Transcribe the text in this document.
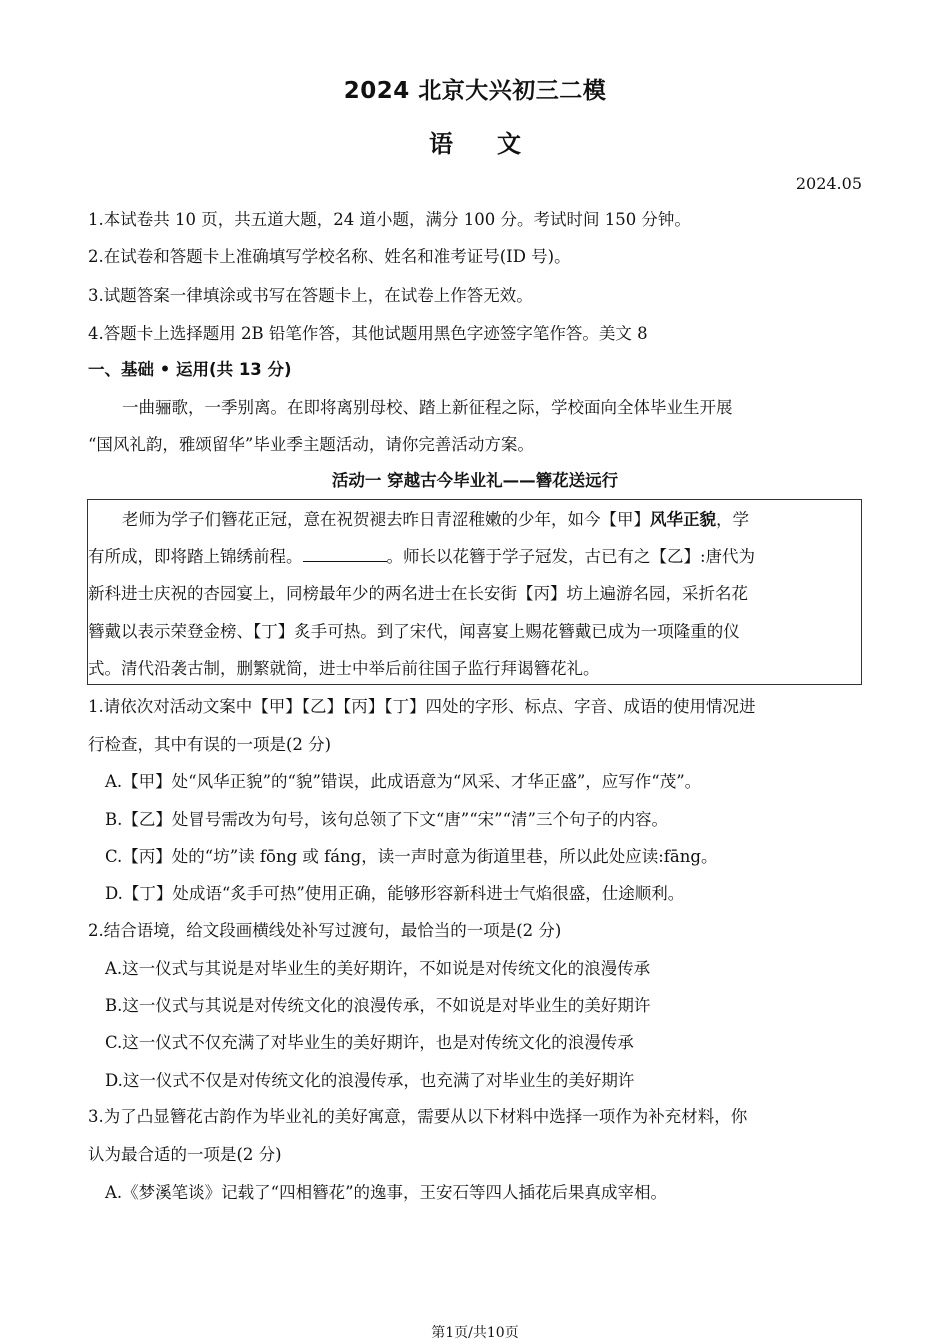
2024 北京大兴初三二模
语文
2024.05
1.本试卷共 10 页，共五道大题，24 道小题，满分 100 分。考试时间 150 分钟。
2.在试卷和答题卡上准确填写学校名称、姓名和准考证号(ID 号)。
3.试题答案一律填涂或书写在答题卡上，在试卷上作答无效。
4.答题卡上选择题用 2B 铅笔作答，其他试题用黑色字迹签字笔作答。美文 8
一、基础 • 运用(共 13 分)
一曲骊歌，一季别离。在即将离别母校、踏上新征程之际，学校面向全体毕业生开展
“国风礼韵，雅颂留华”毕业季主题活动，请你完善活动方案。
活动一 穿越古今毕业礼——簪花送远行
老师为学子们簪花正冠，意在祝贺褪去昨日青涩稚嫩的少年，如今【甲】风华正貌，学
有所成，即将踏上锦绣前程。	。师长以花簪于学子冠发，古已有之【乙】:唐代为
新科进士庆祝的杏园宴上，同榜最年少的两名进士在长安街【丙】坊上遍游名园，采折名花
簪戴以表示荣登金榜、【丁】炙手可热。到了宋代，闻喜宴上赐花簪戴已成为一项隆重的仪
式。清代沿袭古制，删繁就简，进士中举后前往国子监行拜谒簪花礼。
1.请依次对活动文案中【甲】【乙】【丙】【丁】四处的字形、标点、字音、成语的使用情况进
行检查，其中有误的一项是(2 分)
A.【甲】处“风华正貌”的“貌”错误，此成语意为“风采、才华正盛”，应写作“茂”。
B.【乙】处冒号需改为句号，该句总领了下文“唐”“宋”“清”三个句子的内容。
C.【丙】处的“坊”读 fōng 或 fáng，读一声时意为街道里巷，所以此处应读:fāng。
D.【丁】处成语“炙手可热”使用正确，能够形容新科进士气焰很盛，仕途顺利。
2.结合语境，给文段画横线处补写过渡句，最恰当的一项是(2 分)
A.这一仪式与其说是对毕业生的美好期许，不如说是对传统文化的浪漫传承
B.这一仪式与其说是对传统文化的浪漫传承，不如说是对毕业生的美好期许
C.这一仪式不仅充满了对毕业生的美好期许，也是对传统文化的浪漫传承
D.这一仪式不仅是对传统文化的浪漫传承，也充满了对毕业生的美好期许
3.为了凸显簪花古韵作为毕业礼的美好寓意，需要从以下材料中选择一项作为补充材料，你
认为最合适的一项是(2 分)
A.《梦溪笔谈》记载了“四相簪花”的逸事，王安石等四人插花后果真成宰相。
第1页/共10页
